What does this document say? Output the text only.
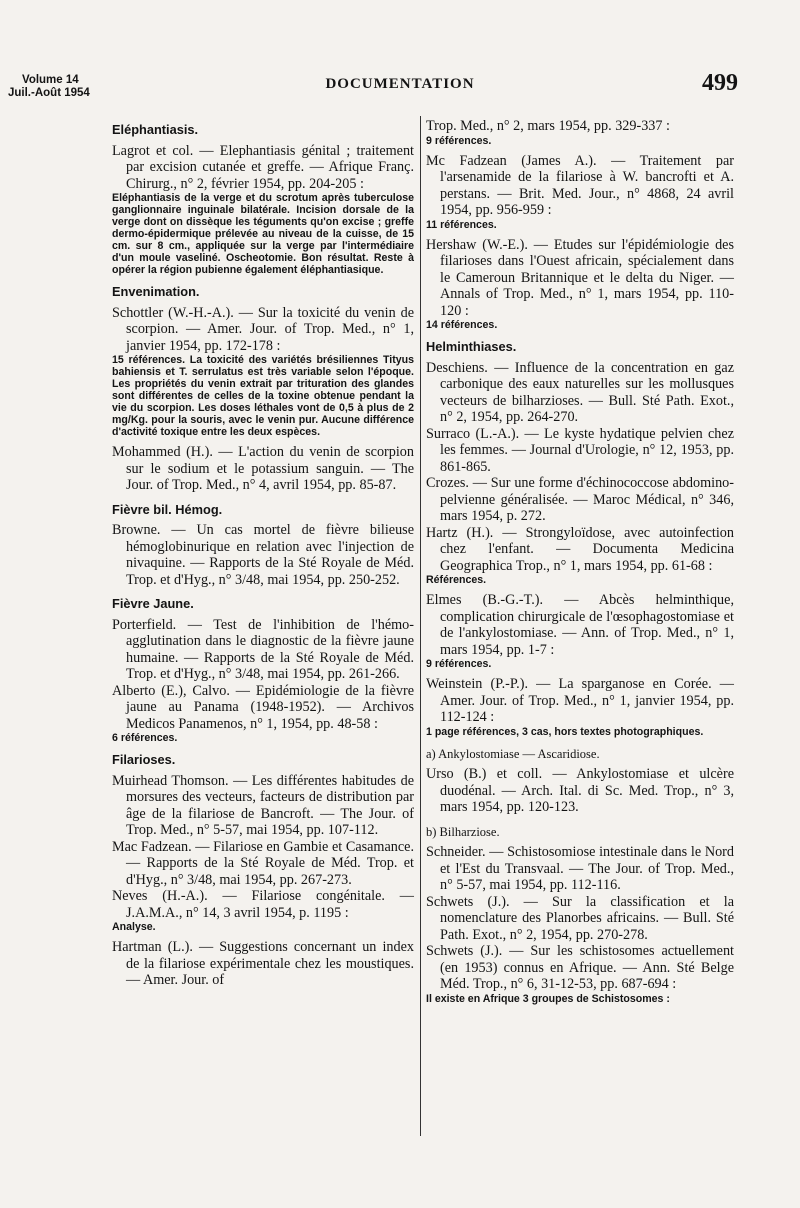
Volume 14
Juil.-Août 1954
DOCUMENTATION	499
Eléphantiasis.
Lagrot et col. — Elephantiasis génital ; traitement par excision cutanée et greffe. — Afrique Franç. Chirurg., n° 2, février 1954, pp. 204-205 :
Eléphantiasis de la verge et du scrotum après tuberculose ganglionnaire inguinale bilatérale. Incision dorsale de la verge dont on dissèque les téguments qu'on excise ; greffe dermo-épidermique prélevée au niveau de la cuisse, de 15 cm. sur 8 cm., appliquée sur la verge par l'intermédiaire d'un moule vaseliné. Oscheotomie. Bon résultat. Reste à opérer la région pubienne également éléphantiasique.
Envenimation.
Schottler (W.-H.-A.). — Sur la toxicité du venin de scorpion. — Amer. Jour. of Trop. Med., n° 1, janvier 1954, pp. 172-178 :
15 références. La toxicité des variétés brésiliennes Tityus bahiensis et T. serrulatus est très variable selon l'époque. Les propriétés du venin extrait par trituration des glandes sont différentes de celles de la toxine obtenue pendant la vie du scorpion. Les doses léthales vont de 0,5 à plus de 2 mg/Kg. pour la souris, avec le venin pur. Aucune différence d'activité toxique entre les deux espèces.
Mohammed (H.). — L'action du venin de scorpion sur le sodium et le potassium sanguin. — The Jour. of Trop. Med., n° 4, avril 1954, pp. 85-87.
Fièvre bil. Hémog.
Browne. — Un cas mortel de fièvre bilieuse hémoglobinurique en relation avec l'injection de nivaquine. — Rapports de la Sté Royale de Méd. Trop. et d'Hyg., n° 3/48, mai 1954, pp. 250-252.
Fièvre Jaune.
Porterfield. — Test de l'inhibition de l'hémo-agglutination dans le diagnostic de la fièvre jaune humaine. — Rapports de la Sté Royale de Méd. Trop. et d'Hyg., n° 3/48, mai 1954, pp. 261-266.
Alberto (E.), Calvo. — Epidémiologie de la fièvre jaune au Panama (1948-1952). — Archivos Medicos Panamenos, n° 1, 1954, pp. 48-58 :
6 références.
Filarioses.
Muirhead Thomson. — Les différentes habitudes de morsures des vecteurs, facteurs de distribution par âge de la filariose de Bancroft. — The Jour. of Trop. Med., n° 5-57, mai 1954, pp. 107-112.
Mac Fadzean. — Filariose en Gambie et Casamance. — Rapports de la Sté Royale de Méd. Trop. et d'Hyg., n° 3/48, mai 1954, pp. 267-273.
Neves (H.-A.). — Filariose congénitale. — J.A.M.A., n° 14, 3 avril 1954, p. 1195 :
Analyse.
Hartman (L.). — Suggestions concernant un index de la filariose expérimentale chez les moustiques. — Amer. Jour. of
Trop. Med., n° 2, mars 1954, pp. 329-337 :
9 références.
Mc Fadzean (James A.). — Traitement par l'arsenamide de la filariose à W. bancrofti et A. perstans. — Brit. Med. Jour., n° 4868, 24 avril 1954, pp. 956-959 :
11 références.
Hershaw (W.-E.). — Etudes sur l'épidémiologie des filarioses dans l'Ouest africain, spécialement dans le Cameroun Britannique et le delta du Niger. — Annals of Trop. Med., n° 1, mars 1954, pp. 110-120 :
14 références.
Helminthiases.
Deschiens. — Influence de la concentration en gaz carbonique des eaux naturelles sur les mollusques vecteurs de bilharzioses. — Bull. Sté Path. Exot., n° 2, 1954, pp. 264-270.
Surraco (L.-A.). — Le kyste hydatique pelvien chez les femmes. — Journal d'Urologie, n° 12, 1953, pp. 861-865.
Crozes. — Sur une forme d'échinococcose abdomino-pelvienne généralisée. — Maroc Médical, n° 346, mars 1954, p. 272.
Hartz (H.). — Strongyloïdose, avec autoinfection chez l'enfant. — Documenta Medicina Geographica Trop., n° 1, mars 1954, pp. 61-68 :
Références.
Elmes (B.-G.-T.). — Abcès helminthique, complication chirurgicale de l'œsophagostomiase et de l'ankylostomiase. — Ann. of Trop. Med., n° 1, mars 1954, pp. 1-7 :
9 références.
Weinstein (P.-P.). — La sparganose en Corée. — Amer. Jour. of Trop. Med., n° 1, janvier 1954, pp. 112-124 :
1 page références, 3 cas, hors textes photographiques.
a) Ankylostomiase — Ascaridiose.
Urso (B.) et coll. — Ankylostomiase et ulcère duodénal. — Arch. Ital. di Sc. Med. Trop., n° 3, mars 1954, pp. 120-123.
b) Bilharziose.
Schneider. — Schistosomiose intestinale dans le Nord et l'Est du Transvaal. — The Jour. of Trop. Med., n° 5-57, mai 1954, pp. 112-116.
Schwets (J.). — Sur la classification et la nomenclature des Planorbes africains. — Bull. Sté Path. Exot., n° 2, 1954, pp. 270-278.
Schwets (J.). — Sur les schistosomes actuellement (en 1953) connus en Afrique. — Ann. Sté Belge Méd. Trop., n° 6, 31-12-53, pp. 687-694 :
Il existe en Afrique 3 groupes de Schistosomes :
